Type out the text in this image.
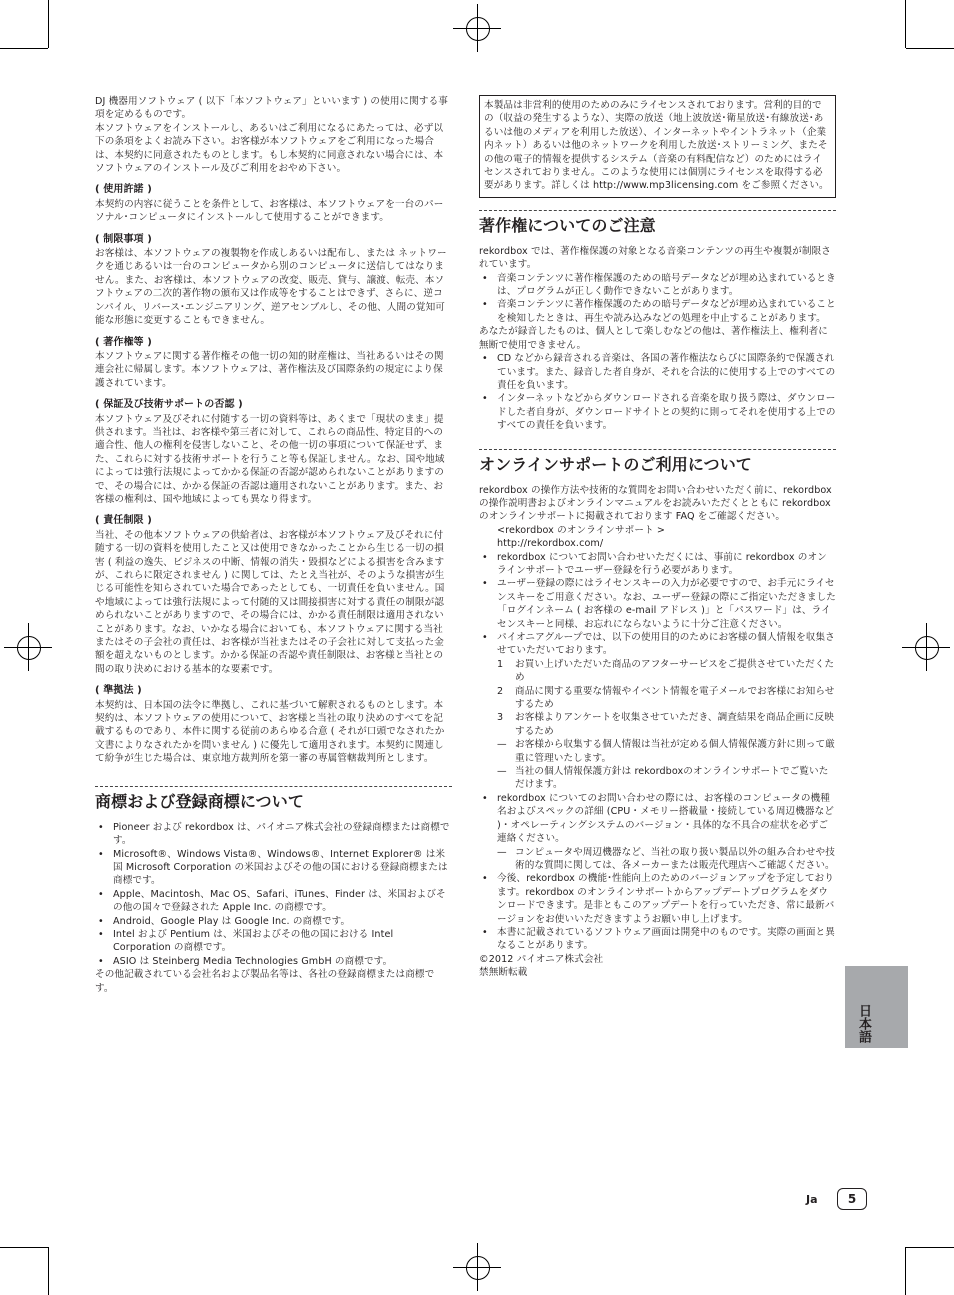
DJ 機器用ソフトウェア ( 以下「本ソフトウェア」といいます ) の使用に関する事項を定めるものです。

本ソフトウェアをインストールし、あるいはご利用になるにあたっては、必ず以下の条項をよくお読み下さい。お客様が本ソフトウェアをご利用になった場合は、本契約に同意されたものとします。もし本契約に同意されない場合には、本ソフトウェアのインストール及びご利用をおやめ下さい。

( 使用許諾 )

本契約の内容に従うことを条件として、お客様は、本ソフトウェアを一台のパーソナル･コンピュータにインストールして使用することができます。

( 制限事項 )

お客様は、本ソフトウェアの複製物を作成しあるいは配布し、または ネットワークを通じあるいは一台のコンピュータから別のコンピュータに送信してはなりません。また、お客様は、本ソフトウェアの改変、販売、貸与、譲渡、転売、本ソフトウェアの二次的著作物の頒布又は作成等をすることはできず、さらに、逆コンパイル、リバース･エンジニアリング、逆アセンブルし、その他、人間の覚知可能な形態に変更することもできません。

( 著作権等 )

本ソフトウェアに関する著作権その他一切の知的財産権は、当社あるいはその関連会社に帰属します。本ソフトウェアは、著作権法及び国際条約の規定により保護されています。

( 保証及び技術サポートの否認 )

本ソフトウェア及びそれに付随する一切の資料等は、あくまで「現状のまま」提供されます。当社は、お客様や第三者に対して、これらの商品性、特定目的への適合性、他人の権利を侵害しないこと、その他一切の事項について保証せず、また、これらに対する技術サポートを行うこと等も保証しません。なお、国や地域によっては強行法規によってかかる保証の否認が認められないことがありますので、その場合には、かかる保証の否認は適用されないことがあります。また、お客様の権利は、国や地域によっても異なり得ます。

( 責任制限 )

当社、その他本ソフトウェアの供給者は、お客様が本ソフトウェア及びそれに付随する一切の資料を使用したこと又は使用できなかったことから生じる一切の損害 ( 利益の逸失、ビジネスの中断、情報の消失・毀損などによる損害を含みますが、これらに限定されません ) に関しては、たとえ当社が、そのような損害が生じる可能性を知らされていた場合であったとしても、一切責任を負いません。国や地域によっては強行法規によって付随的又は間接損害に対する責任の制限が認められないことがありますので、その場合には、かかる責任制限は適用されないことがあります。なお、いかなる場合においても、本ソフトウェアに関する当社またはその子会社の責任は、お客様が当社またはその子会社に対して支払った金額を超えないものとします。かかる保証の否認や責任制限は、お客様と当社との間の取り決めにおける基本的な要素です。

( 準拠法 )

本契約は、日本国の法令に準拠し、これに基づいて解釈されるものとします。本契約は、本ソフトウェアの使用について、お客様と当社の取り決めのすべてを記載するものであり、本件に関する従前のあらゆる合意 ( それが口頭でなされたか文書によりなされたかを問いません ) に優先して適用されます。本契約に関連して紛争が生じた場合は、東京地方裁判所を第一審の専属管轄裁判所とします。

商標および登録商標について
• Pioneer および rekordbox は、パイオニア株式会社の登録商標または商標です。
• Microsoft®、Windows Vista®、Windows®、Internet Explorer® は米国 Microsoft Corporation の米国およびその他の国における登録商標または商標です。
• Apple、Macintosh、Mac OS、Safari、iTunes、Finder は、米国およびその他の国々で登録された Apple Inc. の商標です。
• Android、Google Play は Google Inc. の商標です。
• Intel および Pentium は、米国およびその他の国における Intel Corporation の商標です。
• ASIO は Steinberg Media Technologies GmbH の商標です。

その他記載されている会社名および製品名等は、各社の登録商標または商標です。

本製品は非営利的使用のためのみにライセンスされております。営利的目的での（収益の発生するような）、実際の放送（地上波放送･衛星放送･有線放送･あるいは他のメディアを利用した放送）、インターネットやイントラネット（企業内ネット）あるいは他のネットワークを利用した放送･ストリーミング、またその他の電子的情報を提供するシステム（音楽の有料配信など）のためにはライセンスされておりません。このような使用には個別にライセンスを取得する必要があります。詳しくは http://www.mp3licensing.com をご参照ください。

著作権についてのご注意

rekordbox では、著作権保護の対象となる音楽コンテンツの再生や複製が制限されています。

• 音楽コンテンツに著作権保護のための暗号データなどが埋め込まれているときは、プログラムが正しく動作できないことがあります。
• 音楽コンテンツに著作権保護のための暗号データなどが埋め込まれていることを検知したときは、再生や読み込みなどの処理を中止することがあります。

あなたが録音したものは、個人として楽しむなどの他は、著作権法上、権利者に無断で使用できません。

• CD などから録音される音楽は、各国の著作権法ならびに国際条約で保護されています。また、録音した者自身が、それを合法的に使用する上でのすべての責任を負います。
• インターネットなどからダウンロードされる音楽を取り扱う際は、ダウンロードした者自身が、ダウンロードサイトとの契約に則ってそれを使用する上でのすべての責任を負います。
オンラインサポートのご利用について

rekordbox の操作方法や技術的な質問をお問い合わせいただく前に、rekordbox の操作説明書およびオンラインマニュアルをお読みいただくとともに rekordbox のオンラインサポートに掲載されております FAQ をご確認ください。

<rekordbox のオンラインサポート >

http://rekordbox.com/

• rekordbox についてお問い合わせいただくには、事前に rekordbox のオンラインサポートでユーザー登録を行う必要があります。
• ユーザー登録の際にはライセンスキーの入力が必要ですので、お手元にライセンスキーをご用意ください。なお、ユーザー登録の際にご指定いただきました「ログインネーム ( お客様の e-mail アドレス )」と「パスワード」は、ライセンスキーと同様、お忘れにならないように十分ご注意ください。
• パイオニアグループでは、以下の使用目的のためにお客様の個人情報を収集させていただいております。
1 お買い上げいただいた商品のアフターサービスをご提供させていただくため
2 商品に関する重要な情報やイベント情報を電子メールでお客様にお知らせするため
3 お客様よりアンケートを収集させていただき、調査結果を商品企画に反映するため
— お客様から収集する個人情報は当社が定める個人情報保護方針に則って厳重に管理いたします。
— 当社の個人情報保護方針は rekordboxのオンラインサポートでご覧いただけます。
• rekordbox についてのお問い合わせの際には、お客様のコンピュータの機種名およびスペックの詳細 (CPU・メモリー搭載量・接続している周辺機器など )・オペレーティングシステムのバージョン・具体的な不具合の症状を必ずご連絡ください。
— コンピュータや周辺機器など、当社の取り扱い製品以外の組み合わせや技術的な質問に関しては、各メーカーまたは販売代理店へご確認ください。
• 今後、rekordbox の機能･性能向上のためのバージョンアップを予定しております。rekordbox のオンラインサポートからアップデートプログラムをダウンロードできます。是非ともこのアップデートを行っていただき、常に最新バージョンをお使いいただきますようお願い申し上げます。
• 本書に記載されているソフトウェア画面は開発中のものです。実際の画面と異なることがあります。

©2012 パイオニア株式会社

禁無断転載

日本語
Ja	5
